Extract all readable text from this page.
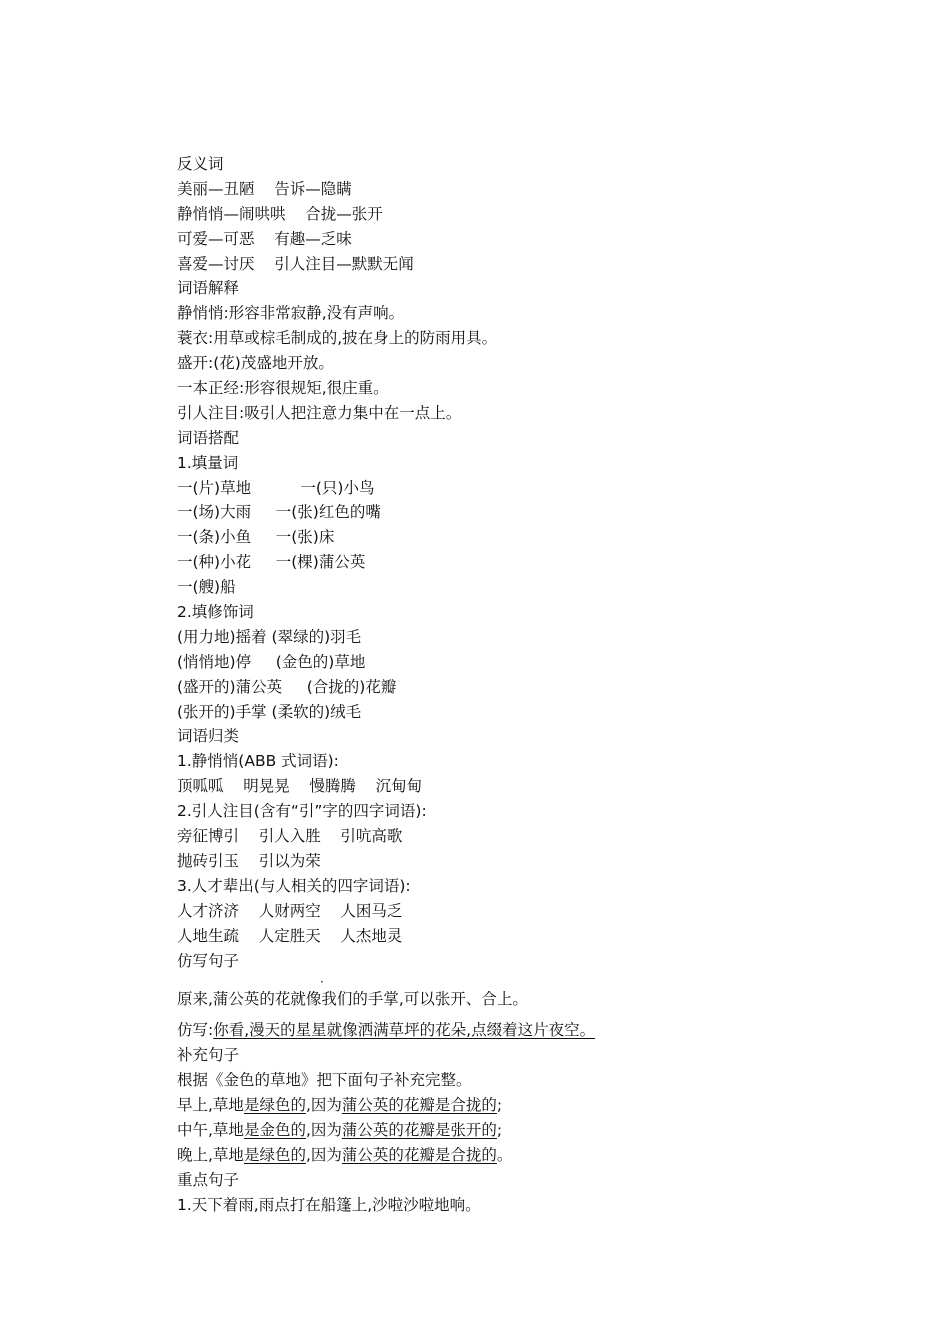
反义词
美丽—丑陋    告诉—隐瞒
静悄悄—闹哄哄    合拢—张开
可爱—可恶    有趣—乏味
喜爱—讨厌    引人注目—默默无闻
词语解释
静悄悄:形容非常寂静,没有声响。
蓑衣:用草或棕毛制成的,披在身上的防雨用具。
盛开:(花)茂盛地开放。
一本正经:形容很规矩,很庄重。
引人注目:吸引人把注意力集中在一点上。
词语搭配
1.填量词
一(片)草地          一(只)小鸟
一(场)大雨     一(张)红色的嘴
一(条)小鱼     一(张)床
一(种)小花     一(棵)蒲公英
一(艘)船
2.填修饰词
(用力地)摇着 (翠绿的)羽毛
(悄悄地)停     (金色的)草地
(盛开的)蒲公英     (合拢的)花瓣
(张开的)手掌 (柔软的)绒毛
词语归类
1.静悄悄(ABB 式词语):
顶呱呱    明晃晃    慢腾腾    沉甸甸
2.引人注目(含有“引”字的四字词语):
旁征博引    引人入胜    引吭高歌
抛砖引玉    引以为荣
3.人才辈出(与人相关的四字词语):
人才济济    人财两空    人困马乏
人地生疏    人定胜天    人杰地灵
仿写句子
·
原来,蒲公英的花就像我们的手掌,可以张开、合上。
仿写:你看,漫天的星星就像洒满草坪的花朵,点缀着这片夜空。
补充句子
根据《金色的草地》把下面句子补充完整。
早上,草地是绿色的,因为蒲公英的花瓣是合拢的;
中午,草地是金色的,因为蒲公英的花瓣是张开的;
晚上,草地是绿色的,因为蒲公英的花瓣是合拢的。
重点句子
1.天下着雨,雨点打在船篷上,沙啦沙啦地响。
